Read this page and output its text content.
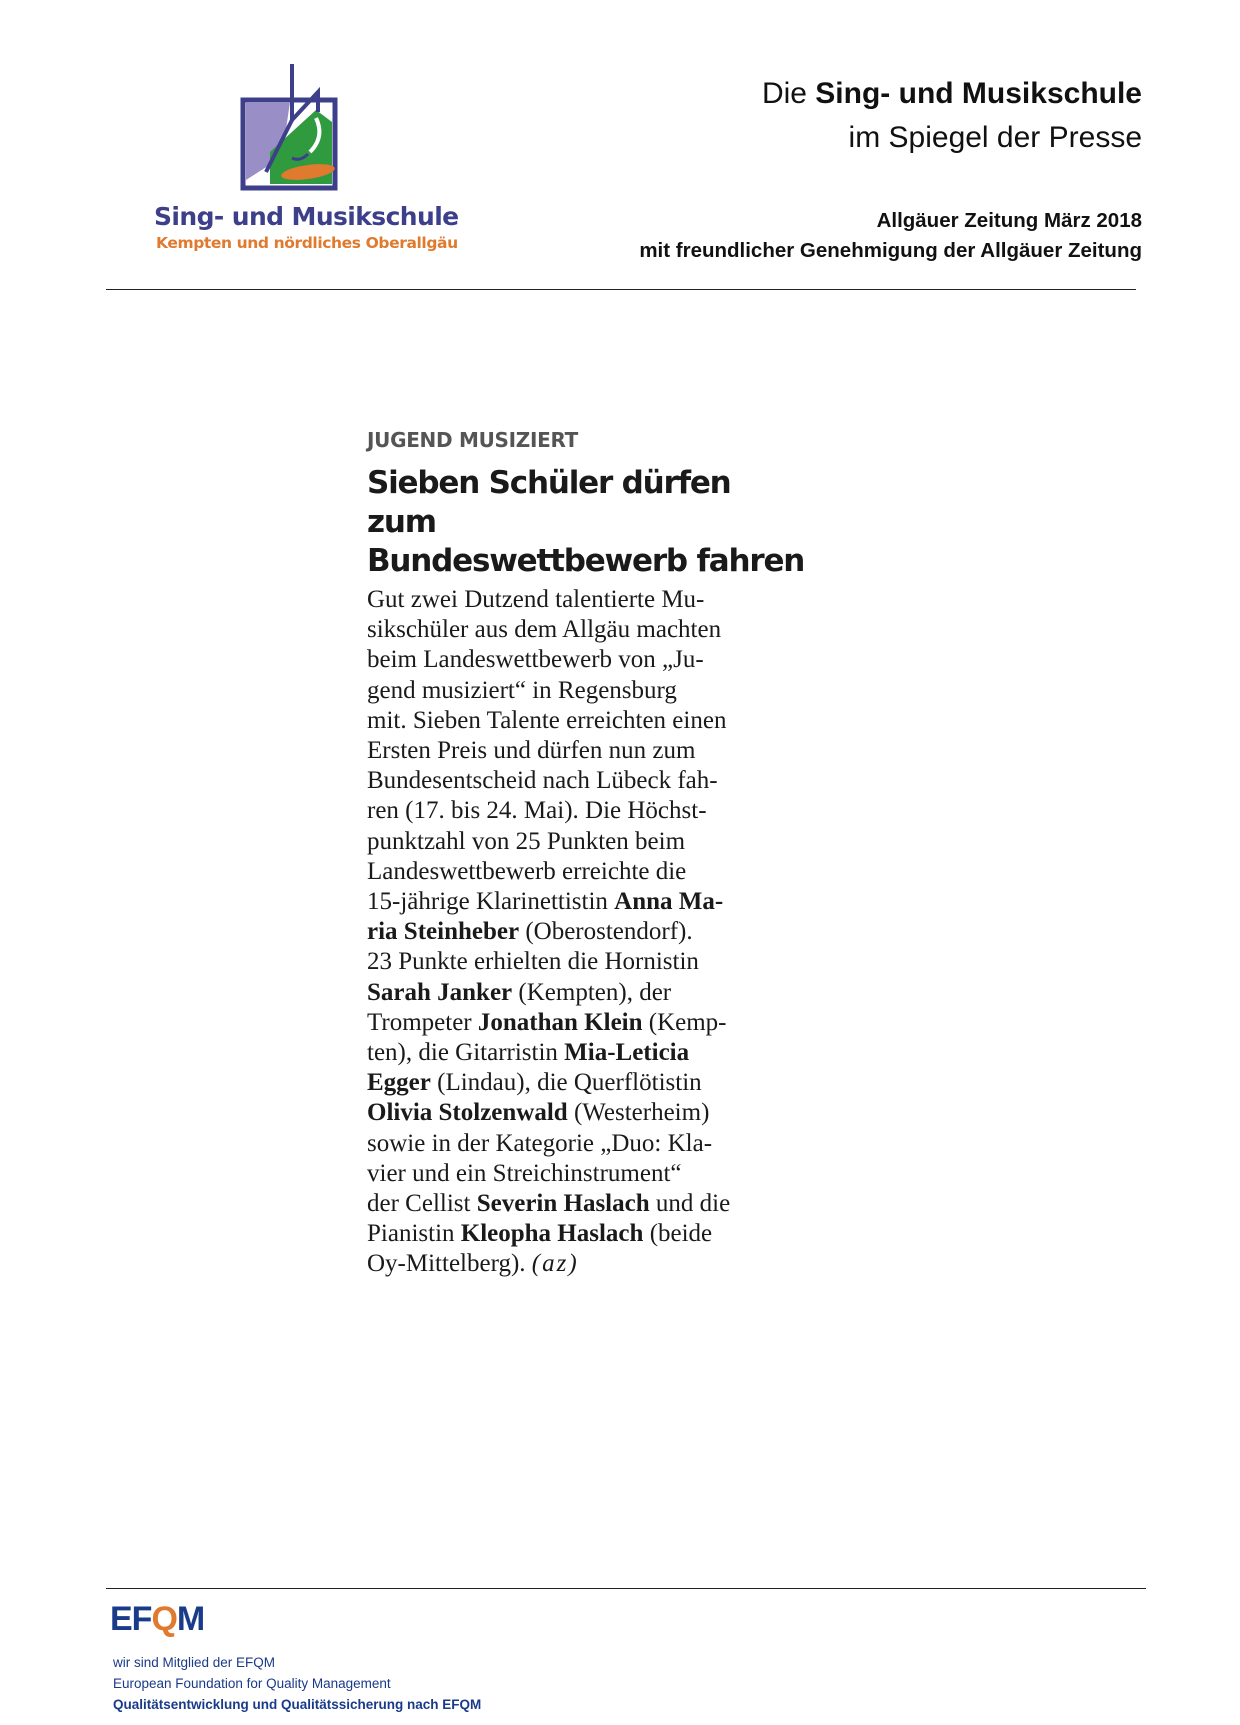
Sing- und Musikschule
Kempten und nördliches Oberallgäu
Die Sing- und Musikschule
im Spiegel der Presse
Allgäuer Zeitung März 2018
mit freundlicher Genehmigung der Allgäuer Zeitung
JUGEND MUSIZIERT
Sieben Schüler dürfen zum
Bundeswettbewerb fahren
Gut zwei Dutzend talentierte Mu-
sikschüler aus dem Allgäu machten
beim Landeswettbewerb von „Ju-
gend musiziert“ in Regensburg
mit. Sieben Talente erreichten einen
Ersten Preis und dürfen nun zum
Bundesentscheid nach Lübeck fah-
ren (17. bis 24. Mai). Die Höchst-
punktzahl von 25 Punkten beim
Landeswettbewerb erreichte die
15-jährige Klarinettistin Anna Ma-
ria Steinheber (Oberostendorf).
23 Punkte erhielten die Hornistin
Sarah Janker (Kempten), der
Trompeter Jonathan Klein (Kemp-
ten), die Gitarristin Mia-Leticia
Egger (Lindau), die Querflötistin
Olivia Stolzenwald (Westerheim)
sowie in der Kategorie „Duo: Kla-
vier und ein Streichinstrument“
der Cellist Severin Haslach und die
Pianistin Kleopha Haslach (beide
Oy-Mittelberg). (az)
EFQM
wir sind Mitglied der EFQM
European Foundation for Quality Management
Qualitätsentwicklung und Qualitätssicherung nach EFQM
